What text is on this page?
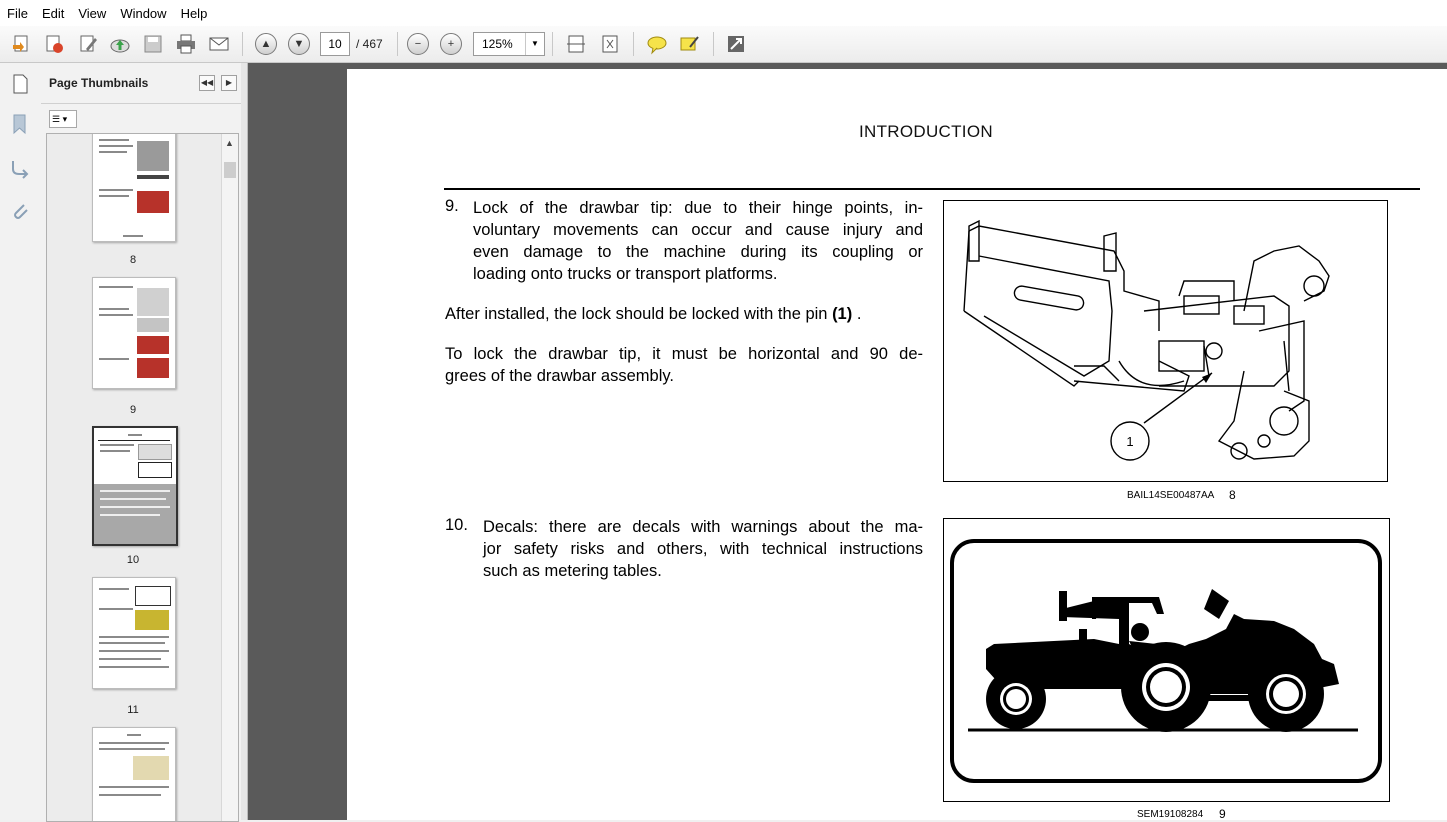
File Edit View Window Help
▲	▼	−	+
10	/ 467	125%	▼
Page Thumbnails	◀◀	▶
☰ ▾
8
9
10
11
▲
INTRODUCTION
9. Lock of the drawbar tip: due to their hinge points, in-
voluntary movements can occur and cause injury and
even damage to the machine during its coupling or
loading onto trucks or transport platforms.
After installed, the lock should be locked with the pin (1) .
To lock the drawbar tip, it must be horizontal and 90 de-
grees of the drawbar assembly.
1
BAIL14SE00487AA 8
10. Decals: there are decals with warnings about the ma-
jor safety risks and others, with technical instructions
such as metering tables.
SEM19108284 9
